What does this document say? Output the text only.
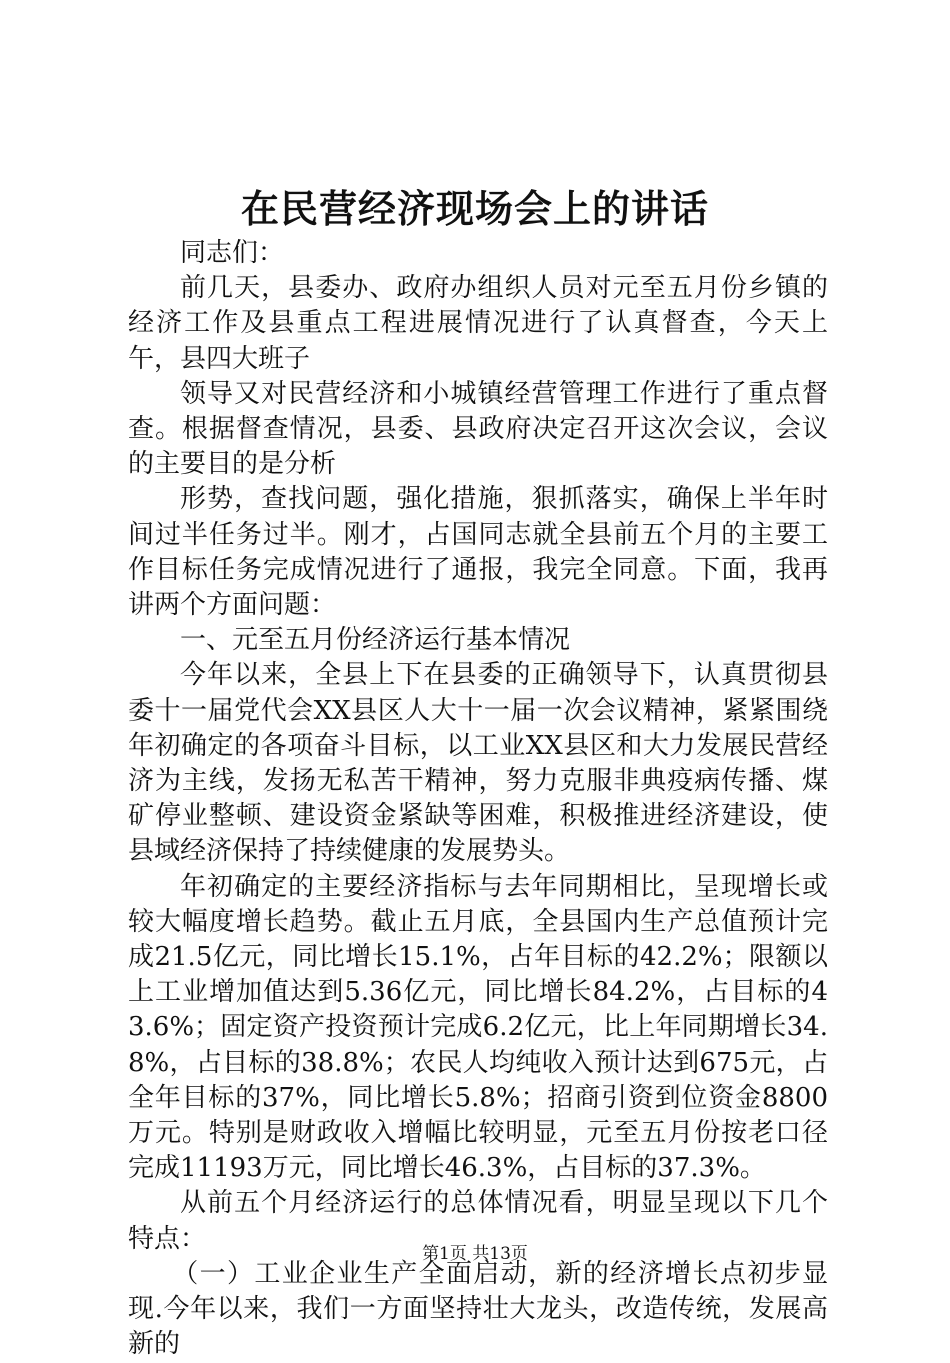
在民营经济现场会上的讲话

同志们：

前几天，县委办、政府办组织人员对元至五月份乡镇的经济工作及县重点工程进展情况进行了认真督查，今天上午，县四大班子

领导又对民营经济和小城镇经营管理工作进行了重点督查。根据督查情况，县委、县政府决定召开这次会议，会议的主要目的是分析

形势，查找问题，强化措施，狠抓落实，确保上半年时间过半任务过半。刚才，占国同志就全县前五个月的主要工作目标任务完成情况进行了通报，我完全同意。下面，我再讲两个方面问题：

一、元至五月份经济运行基本情况

今年以来，全县上下在县委的正确领导下，认真贯彻县委十一届党代会XX县区人大十一届一次会议精神，紧紧围绕年初确定的各项奋斗目标，以工业XX县区和大力发展民营经济为主线，发扬无私苦干精神，努力克服非典疫病传播、煤矿停业整顿、建设资金紧缺等困难，积极推进经济建设，使县域经济保持了持续健康的发展势头。

年初确定的主要经济指标与去年同期相比，呈现增长或较大幅度增长趋势。截止五月底，全县国内生产总值预计完成21.5亿元，同比增长15.1%，占年目标的42.2%；限额以上工业增加值达到5.36亿元，同比增长84.2%，占目标的43.6%；固定资产投资预计完成6.2亿元，比上年同期增长34.8%，占目标的38.8%；农民人均纯收入预计达到675元，占全年目标的37%，同比增长5.8%；招商引资到位资金8800万元。特别是财政收入增幅比较明显，元至五月份按老口径完成11193万元，同比增长46.3%，占目标的37.3%。

从前五个月经济运行的总体情况看，明显呈现以下几个特点：

（一）工业企业生产全面启动，新的经济增长点初步显现.今年以来，我们一方面坚持壮大龙头，改造传统，发展高新的

第1页 共13页
